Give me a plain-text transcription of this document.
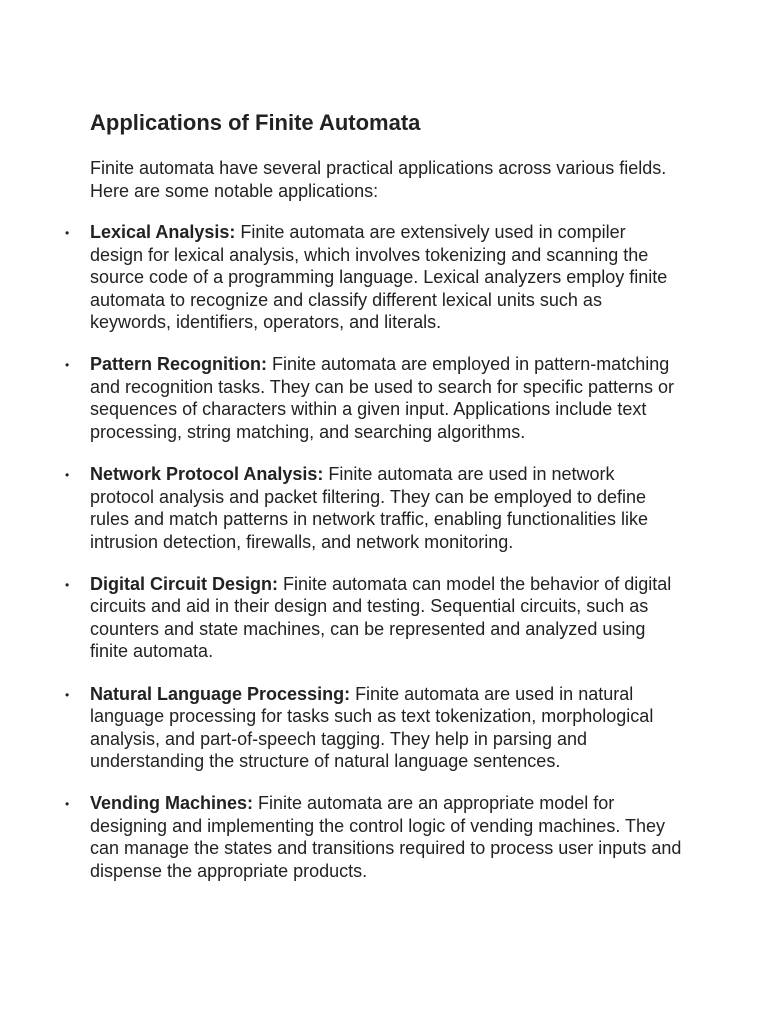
Applications of Finite Automata

Finite automata have several practical applications across various fields. Here are some notable applications:

• Lexical Analysis: Finite automata are extensively used in compiler design for lexical analysis, which involves tokenizing and scanning the source code of a programming language. Lexical analyzers employ finite automata to recognize and classify different lexical units such as keywords, identifiers, operators, and literals.
• Pattern Recognition: Finite automata are employed in pattern-matching and recognition tasks. They can be used to search for specific patterns or sequences of characters within a given input. Applications include text processing, string matching, and searching algorithms.
• Network Protocol Analysis: Finite automata are used in network protocol analysis and packet filtering. They can be employed to define rules and match patterns in network traffic, enabling functionalities like intrusion detection, firewalls, and network monitoring.
• Digital Circuit Design: Finite automata can model the behavior of digital circuits and aid in their design and testing. Sequential circuits, such as counters and state machines, can be represented and analyzed using finite automata.
• Natural Language Processing: Finite automata are used in natural language processing for tasks such as text tokenization, morphological analysis, and part-of-speech tagging. They help in parsing and understanding the structure of natural language sentences.
• Vending Machines: Finite automata are an appropriate model for designing and implementing the control logic of vending machines. They can manage the states and transitions required to process user inputs and dispense the appropriate products.
